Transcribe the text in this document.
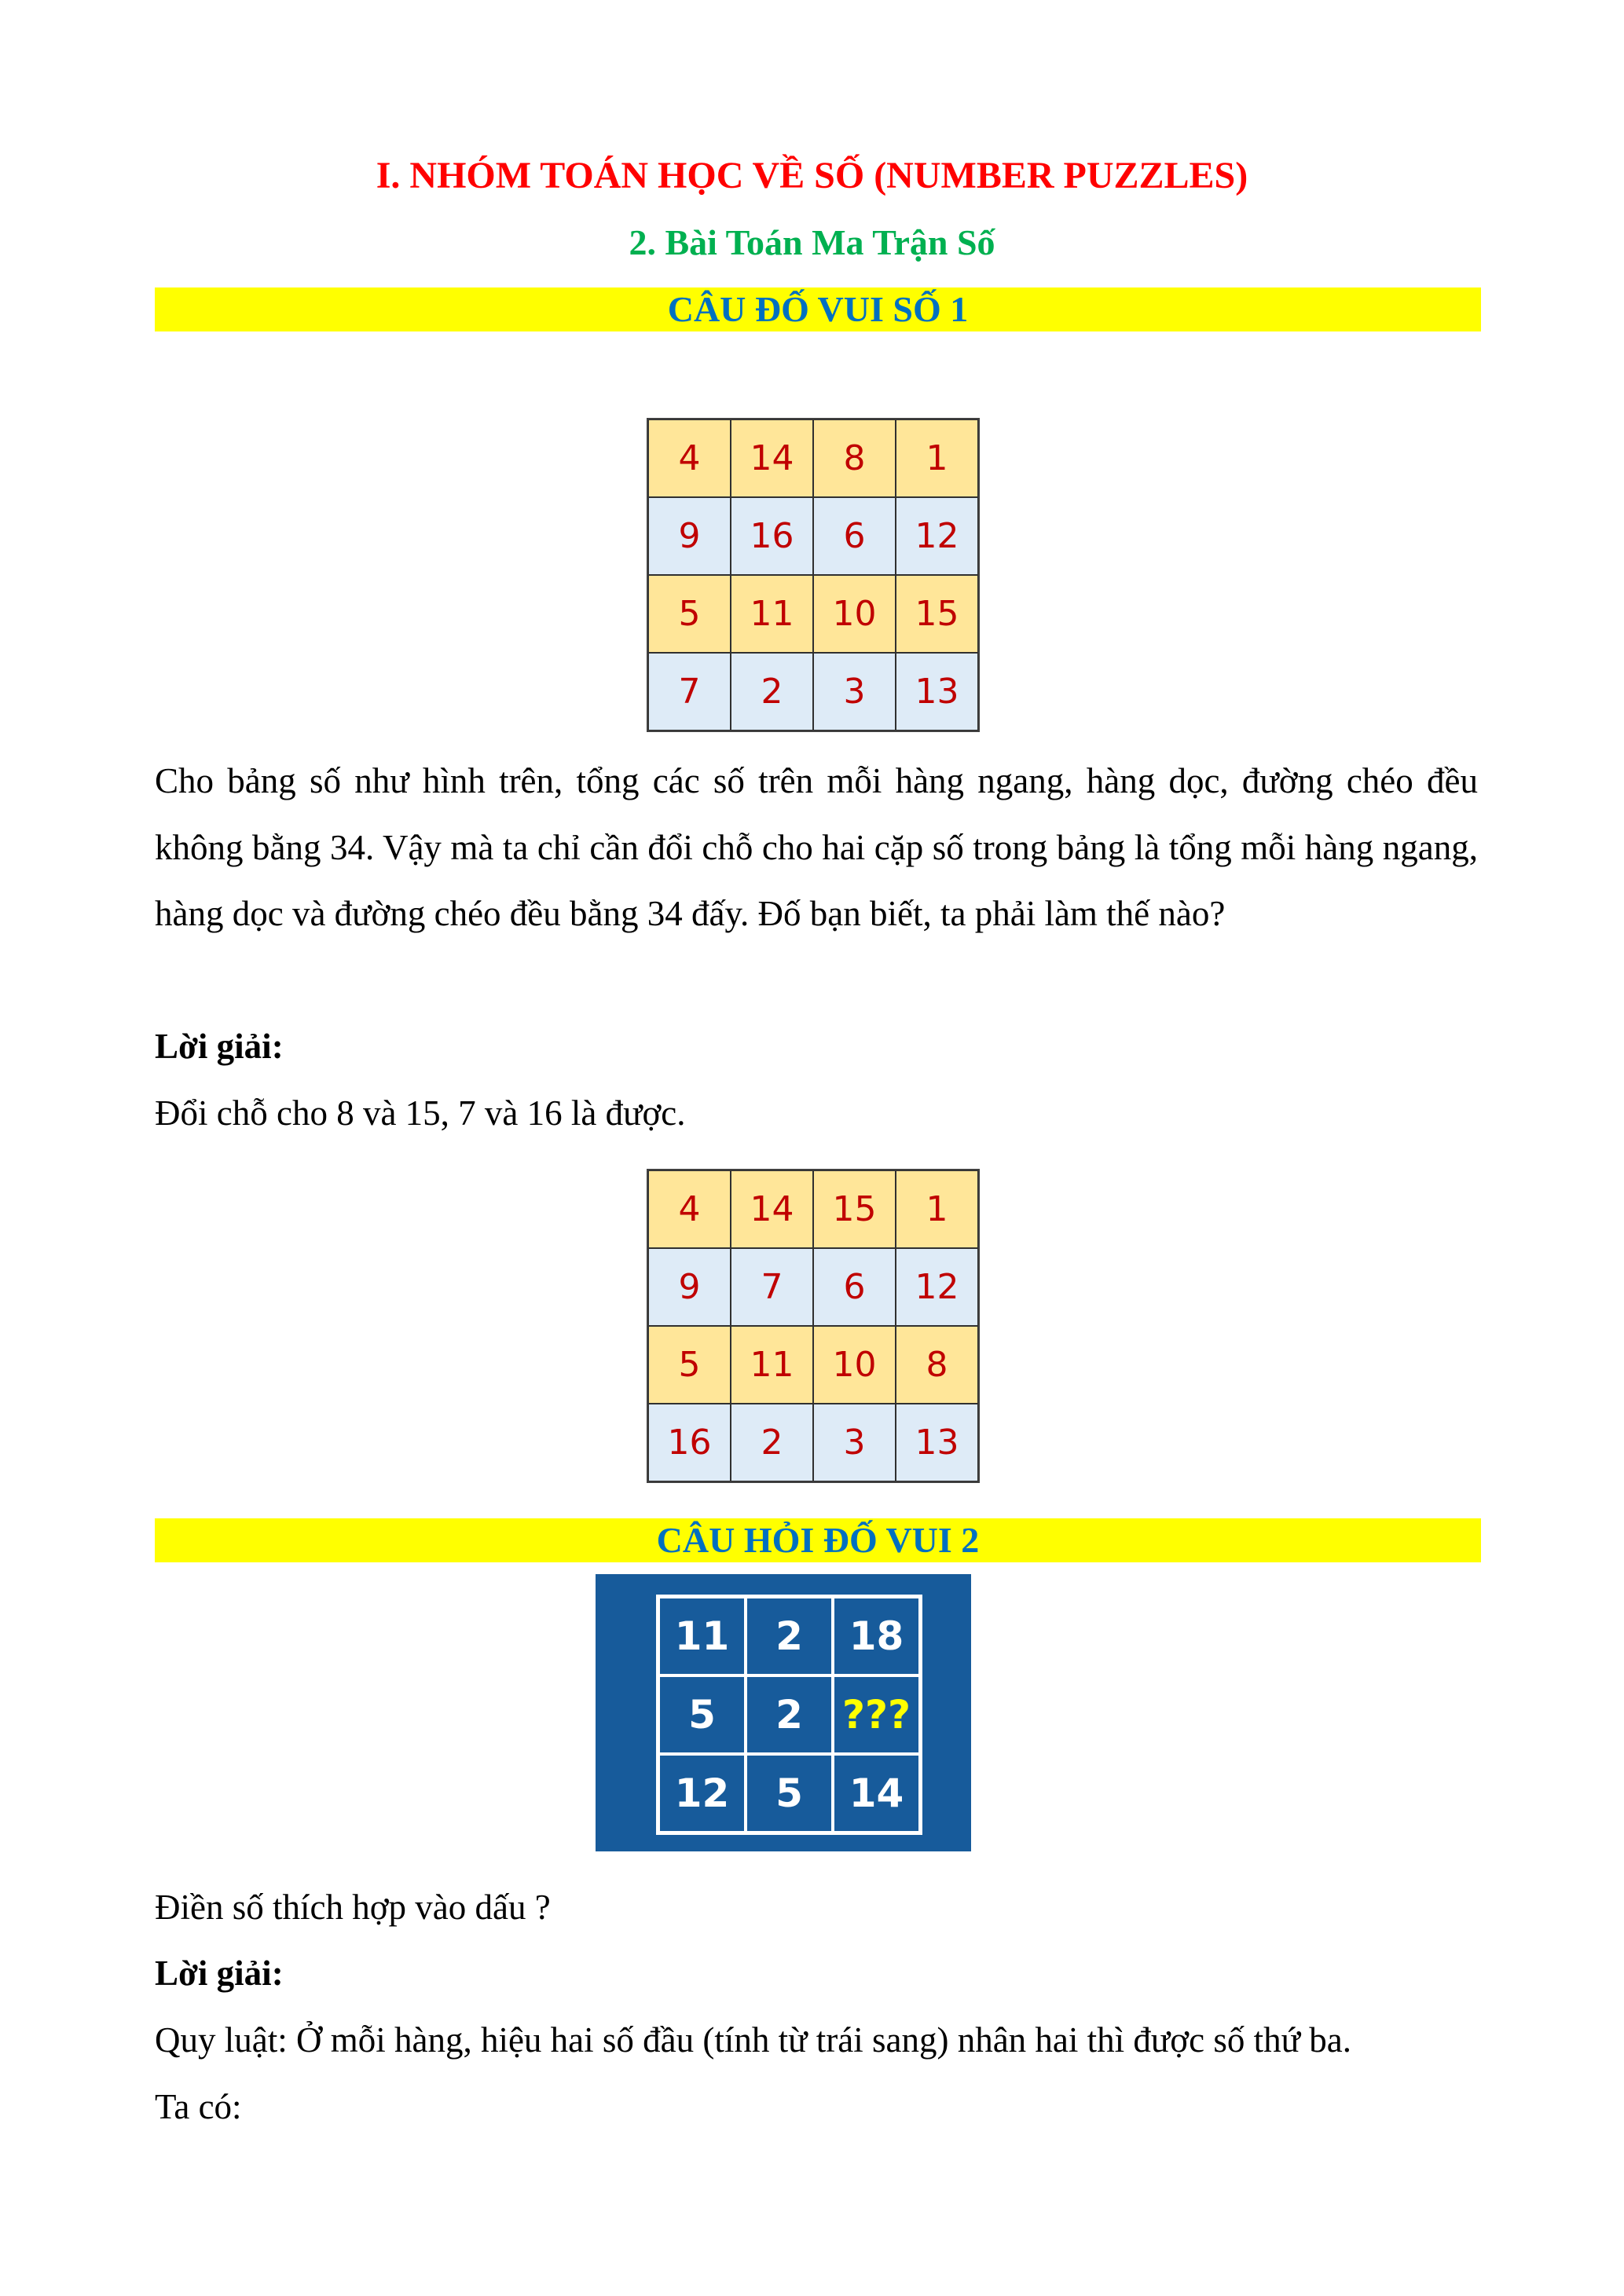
I. NHÓM TOÁN HỌC VỀ SỐ (NUMBER PUZZLES)
2. Bài Toán Ma Trận Số
CÂU ĐỐ VUI SỐ 1
4	14	8	1
9	16	6	12
5	11	10	15
7	2	3	13
Cho bảng số như hình trên, tổng các số trên mỗi hàng ngang, hàng dọc, đường chéo đều không bằng 34. Vậy mà ta chỉ cần đổi chỗ cho hai cặp số trong bảng là tổng mỗi hàng ngang, hàng dọc và đường chéo đều bằng 34 đấy. Đố bạn biết, ta phải làm thế nào?
Lời giải:
Đổi chỗ cho 8 và 15, 7 và 16 là được.
4	14	15	1
9	7	6	12
5	11	10	8
16	2	3	13
CÂU HỎI ĐỐ VUI 2
11	2	18
5	2	???
12	5	14
Điền số thích hợp vào dấu ?
Lời giải:
Quy luật: Ở mỗi hàng, hiệu hai số đầu (tính từ trái sang) nhân hai thì được số thứ ba.
Ta có:
